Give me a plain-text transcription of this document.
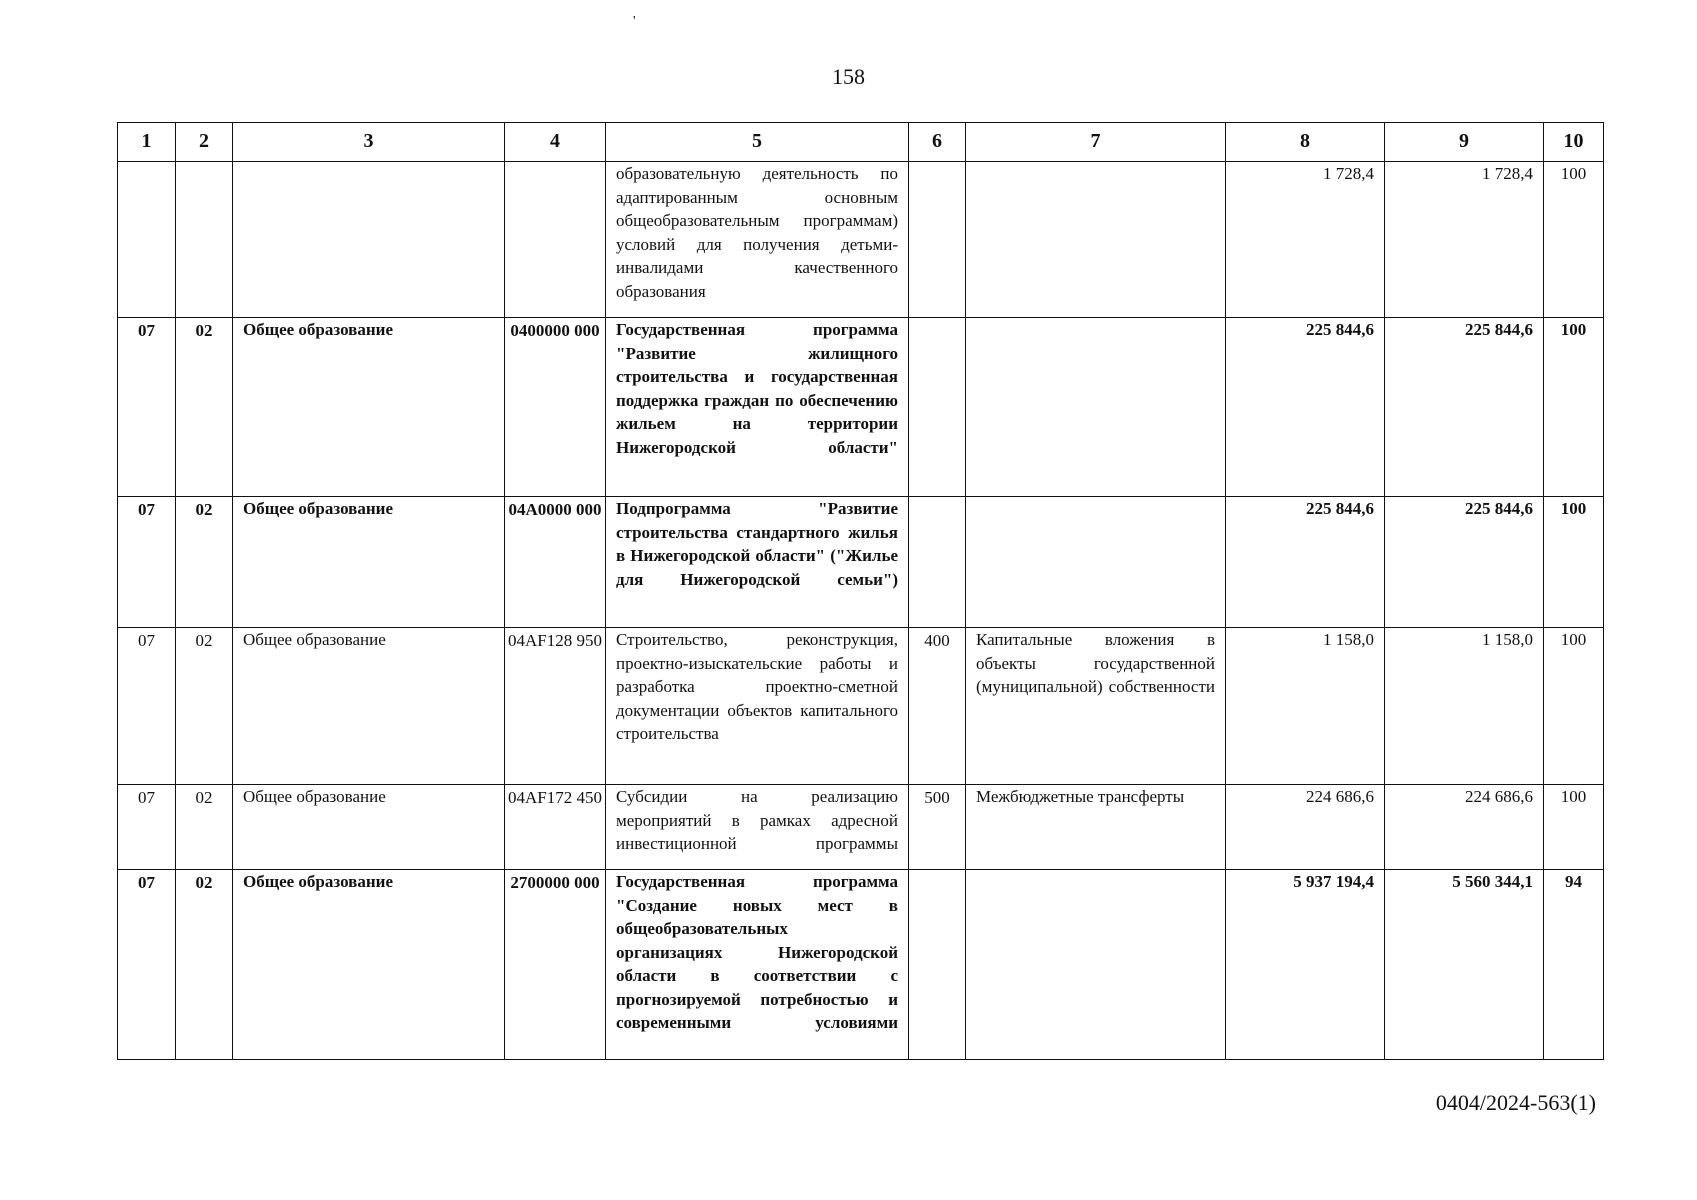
'
158
1	2	3	4	5	6	7	8	9	10
				образовательную деятельность по адаптированным основным общеобразовательным программам) условий для получения детьми-инвалидами качественного образования			1 728,4	1 728,4	100
07	02	Общее образование	0400000 000	Государственная программа "Развитие жилищного строительства и государственная поддержка граждан по обеспечению жильем на территории Нижегородской области"			225 844,6	225 844,6	100
07	02	Общее образование	04А0000 000	Подпрограмма "Развитие строительства стандартного жилья в Нижегородской области" ("Жилье для Нижегородской семьи")			225 844,6	225 844,6	100
07	02	Общее образование	04АF128 950	Строительство, реконструкция, проектно-изыскательские работы и разработка проектно-сметной документации объектов капитального строительства	400	Капитальные вложения в объекты государственной (муниципальной) собственности	1 158,0	1 158,0	100
07	02	Общее образование	04АF172 450	Субсидии на реализацию мероприятий в рамках адресной инвестиционной программы	500	Межбюджетные трансферты	224 686,6	224 686,6	100
07	02	Общее образование	2700000 000	Государственная программа "Создание новых мест в общеобразовательных организациях Нижегородской области в соответствии с прогнозируемой потребностью и современными условиями			5 937 194,4	5 560 344,1	94
0404/2024-563(1)
